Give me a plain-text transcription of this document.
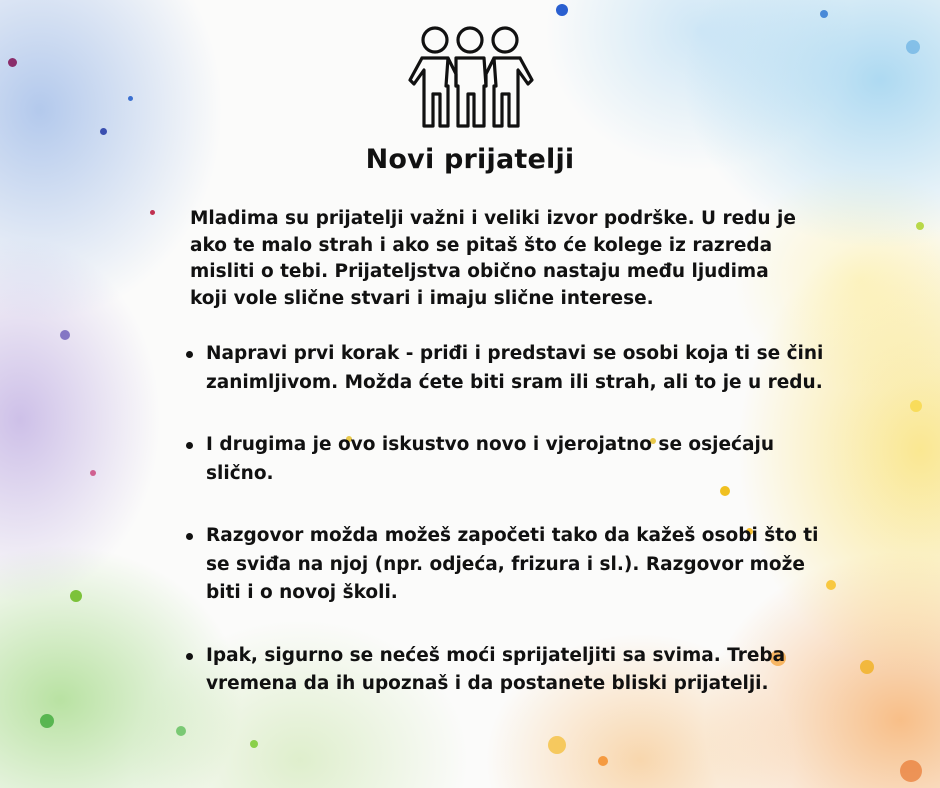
Novi prijatelji
Mladima su prijatelji važni i veliki izvor podrške. U redu je ako te malo strah i ako se pitaš što će kolege iz razreda misliti o tebi. Prijateljstva obično nastaju među ljudima koji vole slične stvari i imaju slične interese.
Napravi prvi korak - priđi i predstavi se osobi koja ti se čini zanimljivom. Možda ćete biti sram ili strah, ali to je u redu.
I drugima je ovo iskustvo novo i vjerojatno se osjećaju slično.
Razgovor možda možeš započeti tako da kažeš osobi što ti se sviđa na njoj (npr. odjeća, frizura i sl.). Razgovor može biti i o novoj školi.
Ipak, sigurno se nećeš moći sprijateljiti sa svima. Treba vremena da ih upoznaš i da postanete bliski prijatelji.
